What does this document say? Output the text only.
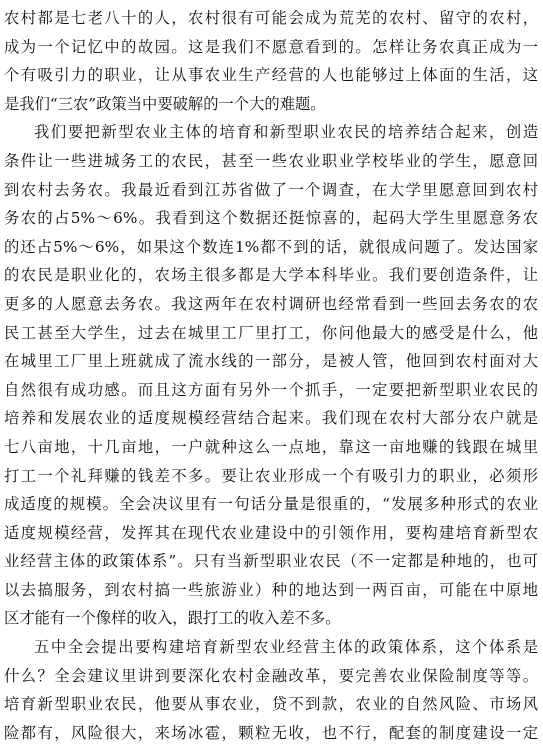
农村都是七老八十的人，农村很有可能会成为荒芜的农村、留守的农村，
成为一个记忆中的故园。这是我们不愿意看到的。怎样让务农真正成为一
个有吸引力的职业，让从事农业生产经营的人也能够过上体面的生活，这
是我们“三农”政策当中要破解的一个大的难题。
我们要把新型农业主体的培育和新型职业农民的培养结合起来，创造
条件让一些进城务工的农民，甚至一些农业职业学校毕业的学生，愿意回
到农村去务农。我最近看到江苏省做了一个调查，在大学里愿意回到农村
务农的占5%～6%。我看到这个数据还挺惊喜的，起码大学生里愿意务农
的还占5%～6%，如果这个数连1%都不到的话，就很成问题了。发达国家
的农民是职业化的，农场主很多都是大学本科毕业。我们要创造条件，让
更多的人愿意去务农。我这两年在农村调研也经常看到一些回去务农的农
民工甚至大学生，过去在城里工厂里打工，你问他最大的感受是什么，他
在城里工厂里上班就成了流水线的一部分，是被人管，他回到农村面对大
自然很有成功感。而且这方面有另外一个抓手，一定要把新型职业农民的
培养和发展农业的适度规模经营结合起来。我们现在农村大部分农户就是
七八亩地，十几亩地，一户就种这么一点地，靠这一亩地赚的钱跟在城里
打工一个礼拜赚的钱差不多。要让农业形成一个有吸引力的职业，必须形
成适度的规模。全会决议里有一句话分量是很重的，“发展多种形式的农业
适度规模经营，发挥其在现代农业建设中的引领作用，要构建培育新型农
业经营主体的政策体系”。只有当新型职业农民（不一定都是种地的，也可
以去搞服务，到农村搞一些旅游业）种的地达到一两百亩，可能在中原地
区才能有一个像样的收入，跟打工的收入差不多。
五中全会提出要构建培育新型农业经营主体的政策体系，这个体系是
什么？全会建议里讲到要深化农村金融改革，要完善农业保险制度等等。
培育新型职业农民，他要从事农业，贷不到款，农业的自然风险、市场风
险都有，风险很大，来场冰雹，颗粒无收，也不行，配套的制度建设一定
